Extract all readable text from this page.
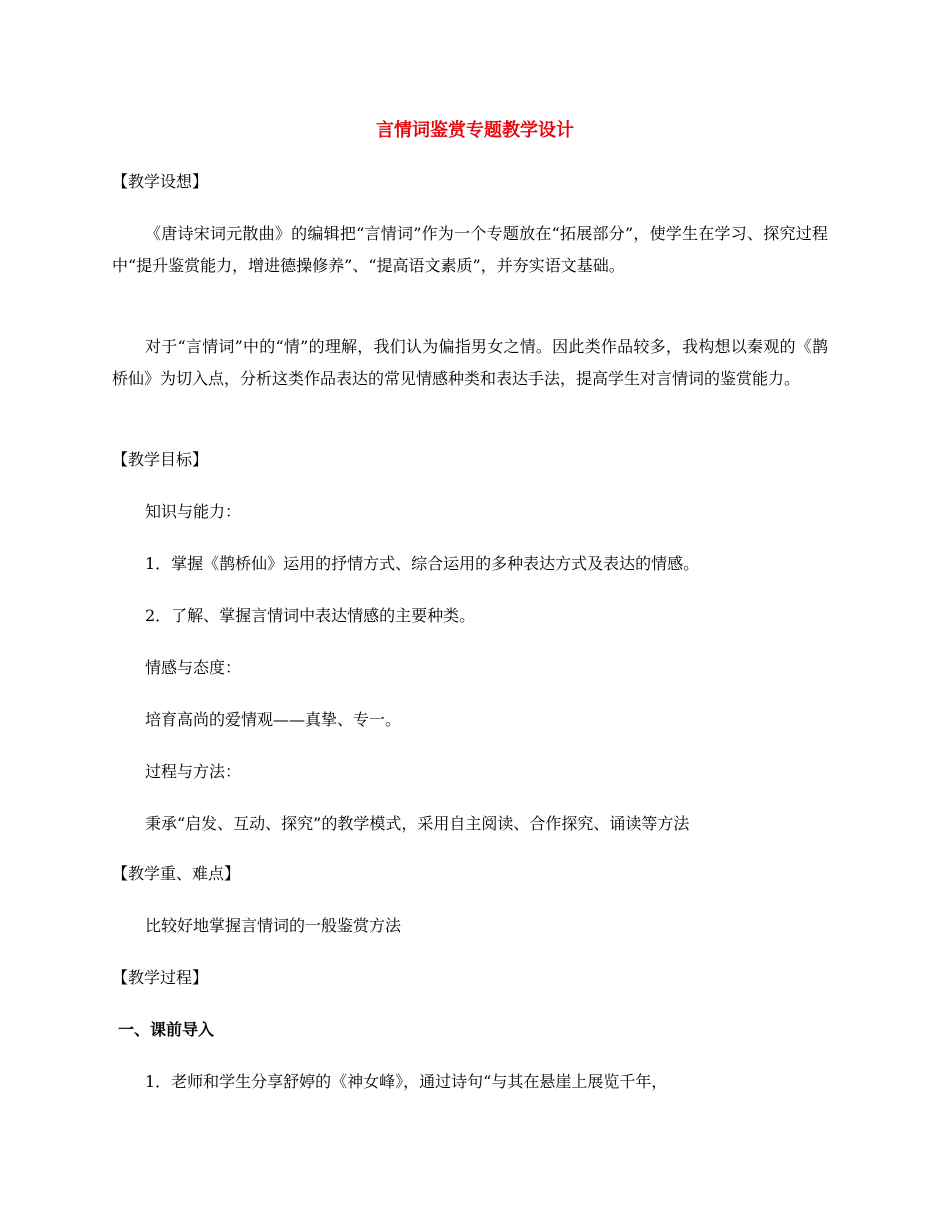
言情词鉴赏专题教学设计
【教学设想】
《唐诗宋词元散曲》的编辑把“言情词”作为一个专题放在“拓展部分”，使学生在学习、探究过程中“提升鉴赏能力，增进德操修养”、“提高语文素质”，并夯实语文基础。
对于“言情词”中的“情”的理解，我们认为偏指男女之情。因此类作品较多，我构想以秦观的《鹊桥仙》为切入点，分析这类作品表达的常见情感种类和表达手法，提高学生对言情词的鉴赏能力。
【教学目标】
知识与能力：
1．掌握《鹊桥仙》运用的抒情方式、综合运用的多种表达方式及表达的情感。
2．了解、掌握言情词中表达情感的主要种类。
情感与态度：
培育高尚的爱情观——真挚、专一。
过程与方法：
秉承“启发、互动、探究”的教学模式，采用自主阅读、合作探究、诵读等方法
【教学重、难点】
比较好地掌握言情词的一般鉴赏方法
【教学过程】
一、课前导入
1．老师和学生分享舒婷的《神女峰》，通过诗句“与其在悬崖上展览千年，
